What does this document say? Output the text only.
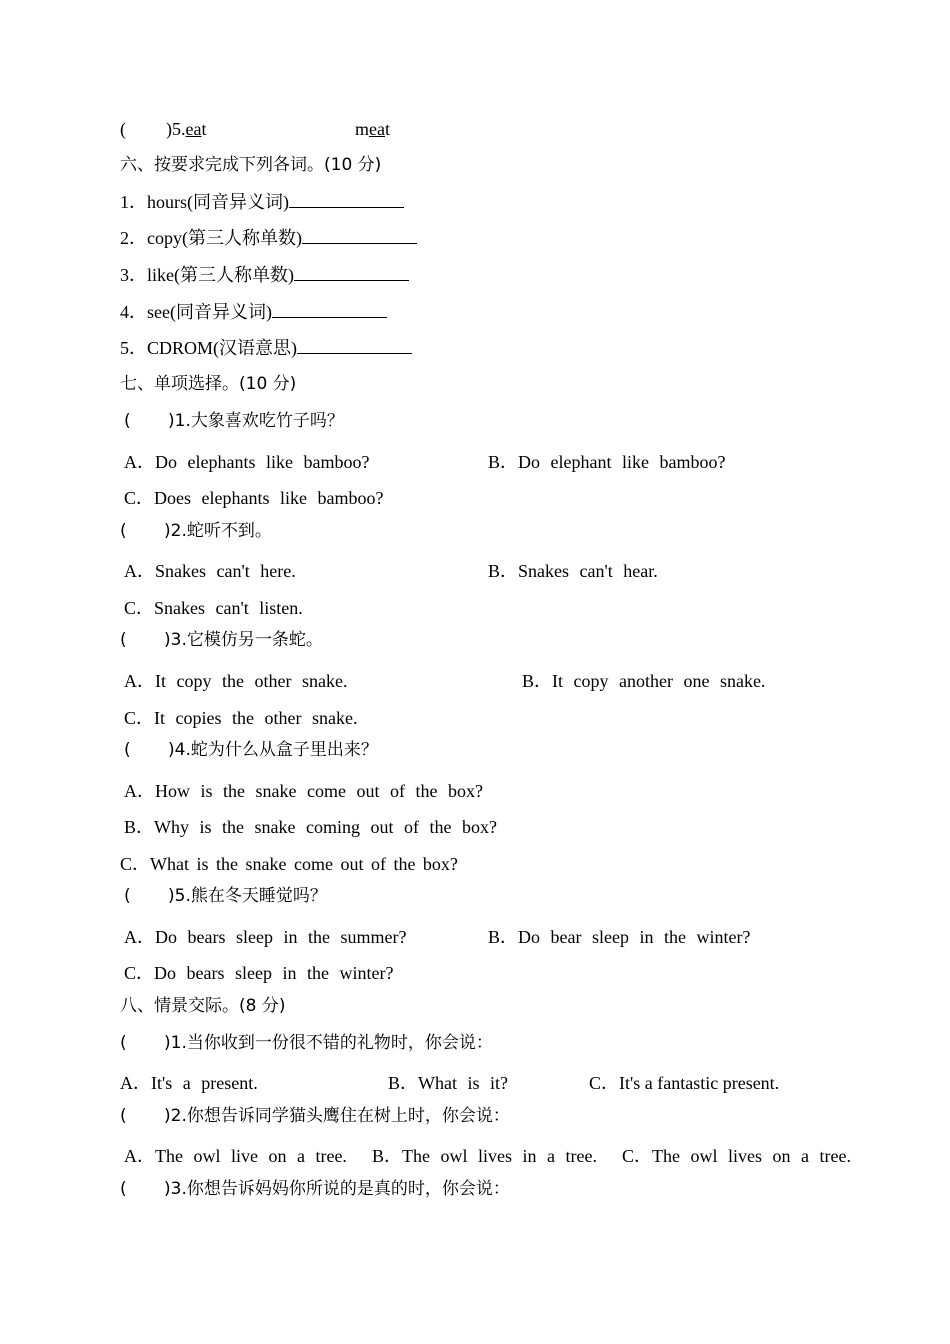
( )5.eat	meat
六、按要求完成下列各词。(10 分)
1．hours(同音异义词)
2．copy(第三人称单数)
3．like(第三人称单数)
4．see(同音异义词)
5．CDROM(汉语意思)
七、单项选择。(10 分)
( )1.大象喜欢吃竹子吗？
A．Do elephants like bamboo?	B．Do elephant like bamboo?
C．Does elephants like bamboo?
( )2.蛇听不到。
A．Snakes can't here.	B．Snakes can't hear.
C．Snakes can't listen.
( )3.它模仿另一条蛇。
A．It copy the other snake.	B．It copy another one snake.
C．It copies the other snake.
( )4.蛇为什么从盒子里出来？
A．How is the snake come out of the box?
B．Why is the snake coming out of the box?
C．What is the snake come out of the box?
( )5.熊在冬天睡觉吗？
A．Do bears sleep in the summer?	B．Do bear sleep in the winter?
C．Do bears sleep in the winter?
八、情景交际。(8 分)
( )1.当你收到一份很不错的礼物时，你会说：
A．It's a present.	B．What is it?	C．It's a fantastic present.
( )2.你想告诉同学猫头鹰住在树上时，你会说：
A．The owl live on a tree. B．The owl lives in a tree. C．The owl lives on a tree.
( )3.你想告诉妈妈你所说的是真的时，你会说：
